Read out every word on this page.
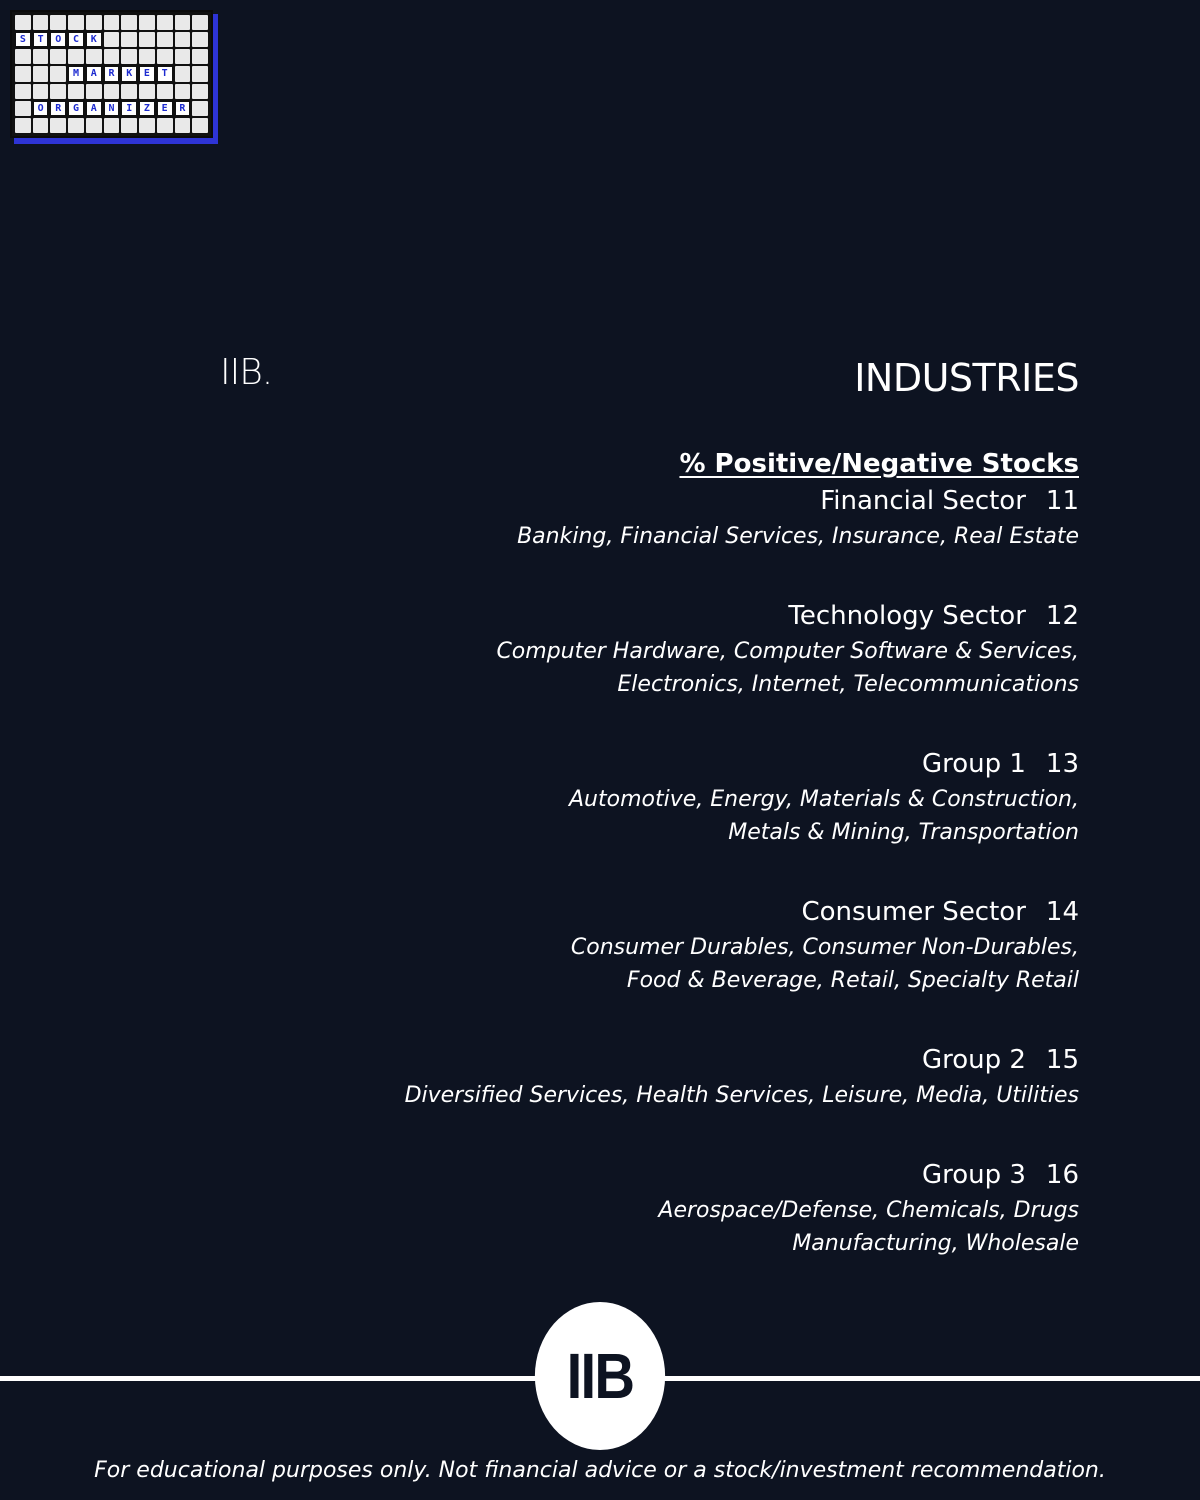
S	T	O	C	K
M	A	R	K	E	T
O	R	G	A	N	I	Z	E	R
IIB.	INDUSTRIES
% Positive/Negative Stocks
Financial Sector 11
Banking, Financial Services, Insurance, Real Estate
Technology Sector 12
Computer Hardware, Computer Software & Services,
Electronics, Internet, Telecommunications
Group 1 13
Automotive, Energy, Materials & Construction,
Metals & Mining, Transportation
Consumer Sector 14
Consumer Durables, Consumer Non-Durables,
Food & Beverage, Retail, Specialty Retail
Group 2 15
Diversified Services, Health Services, Leisure, Media, Utilities
Group 3 16
Aerospace/Defense, Chemicals, Drugs
Manufacturing, Wholesale
IIB
For educational purposes only. Not financial advice or a stock/investment recommendation.
